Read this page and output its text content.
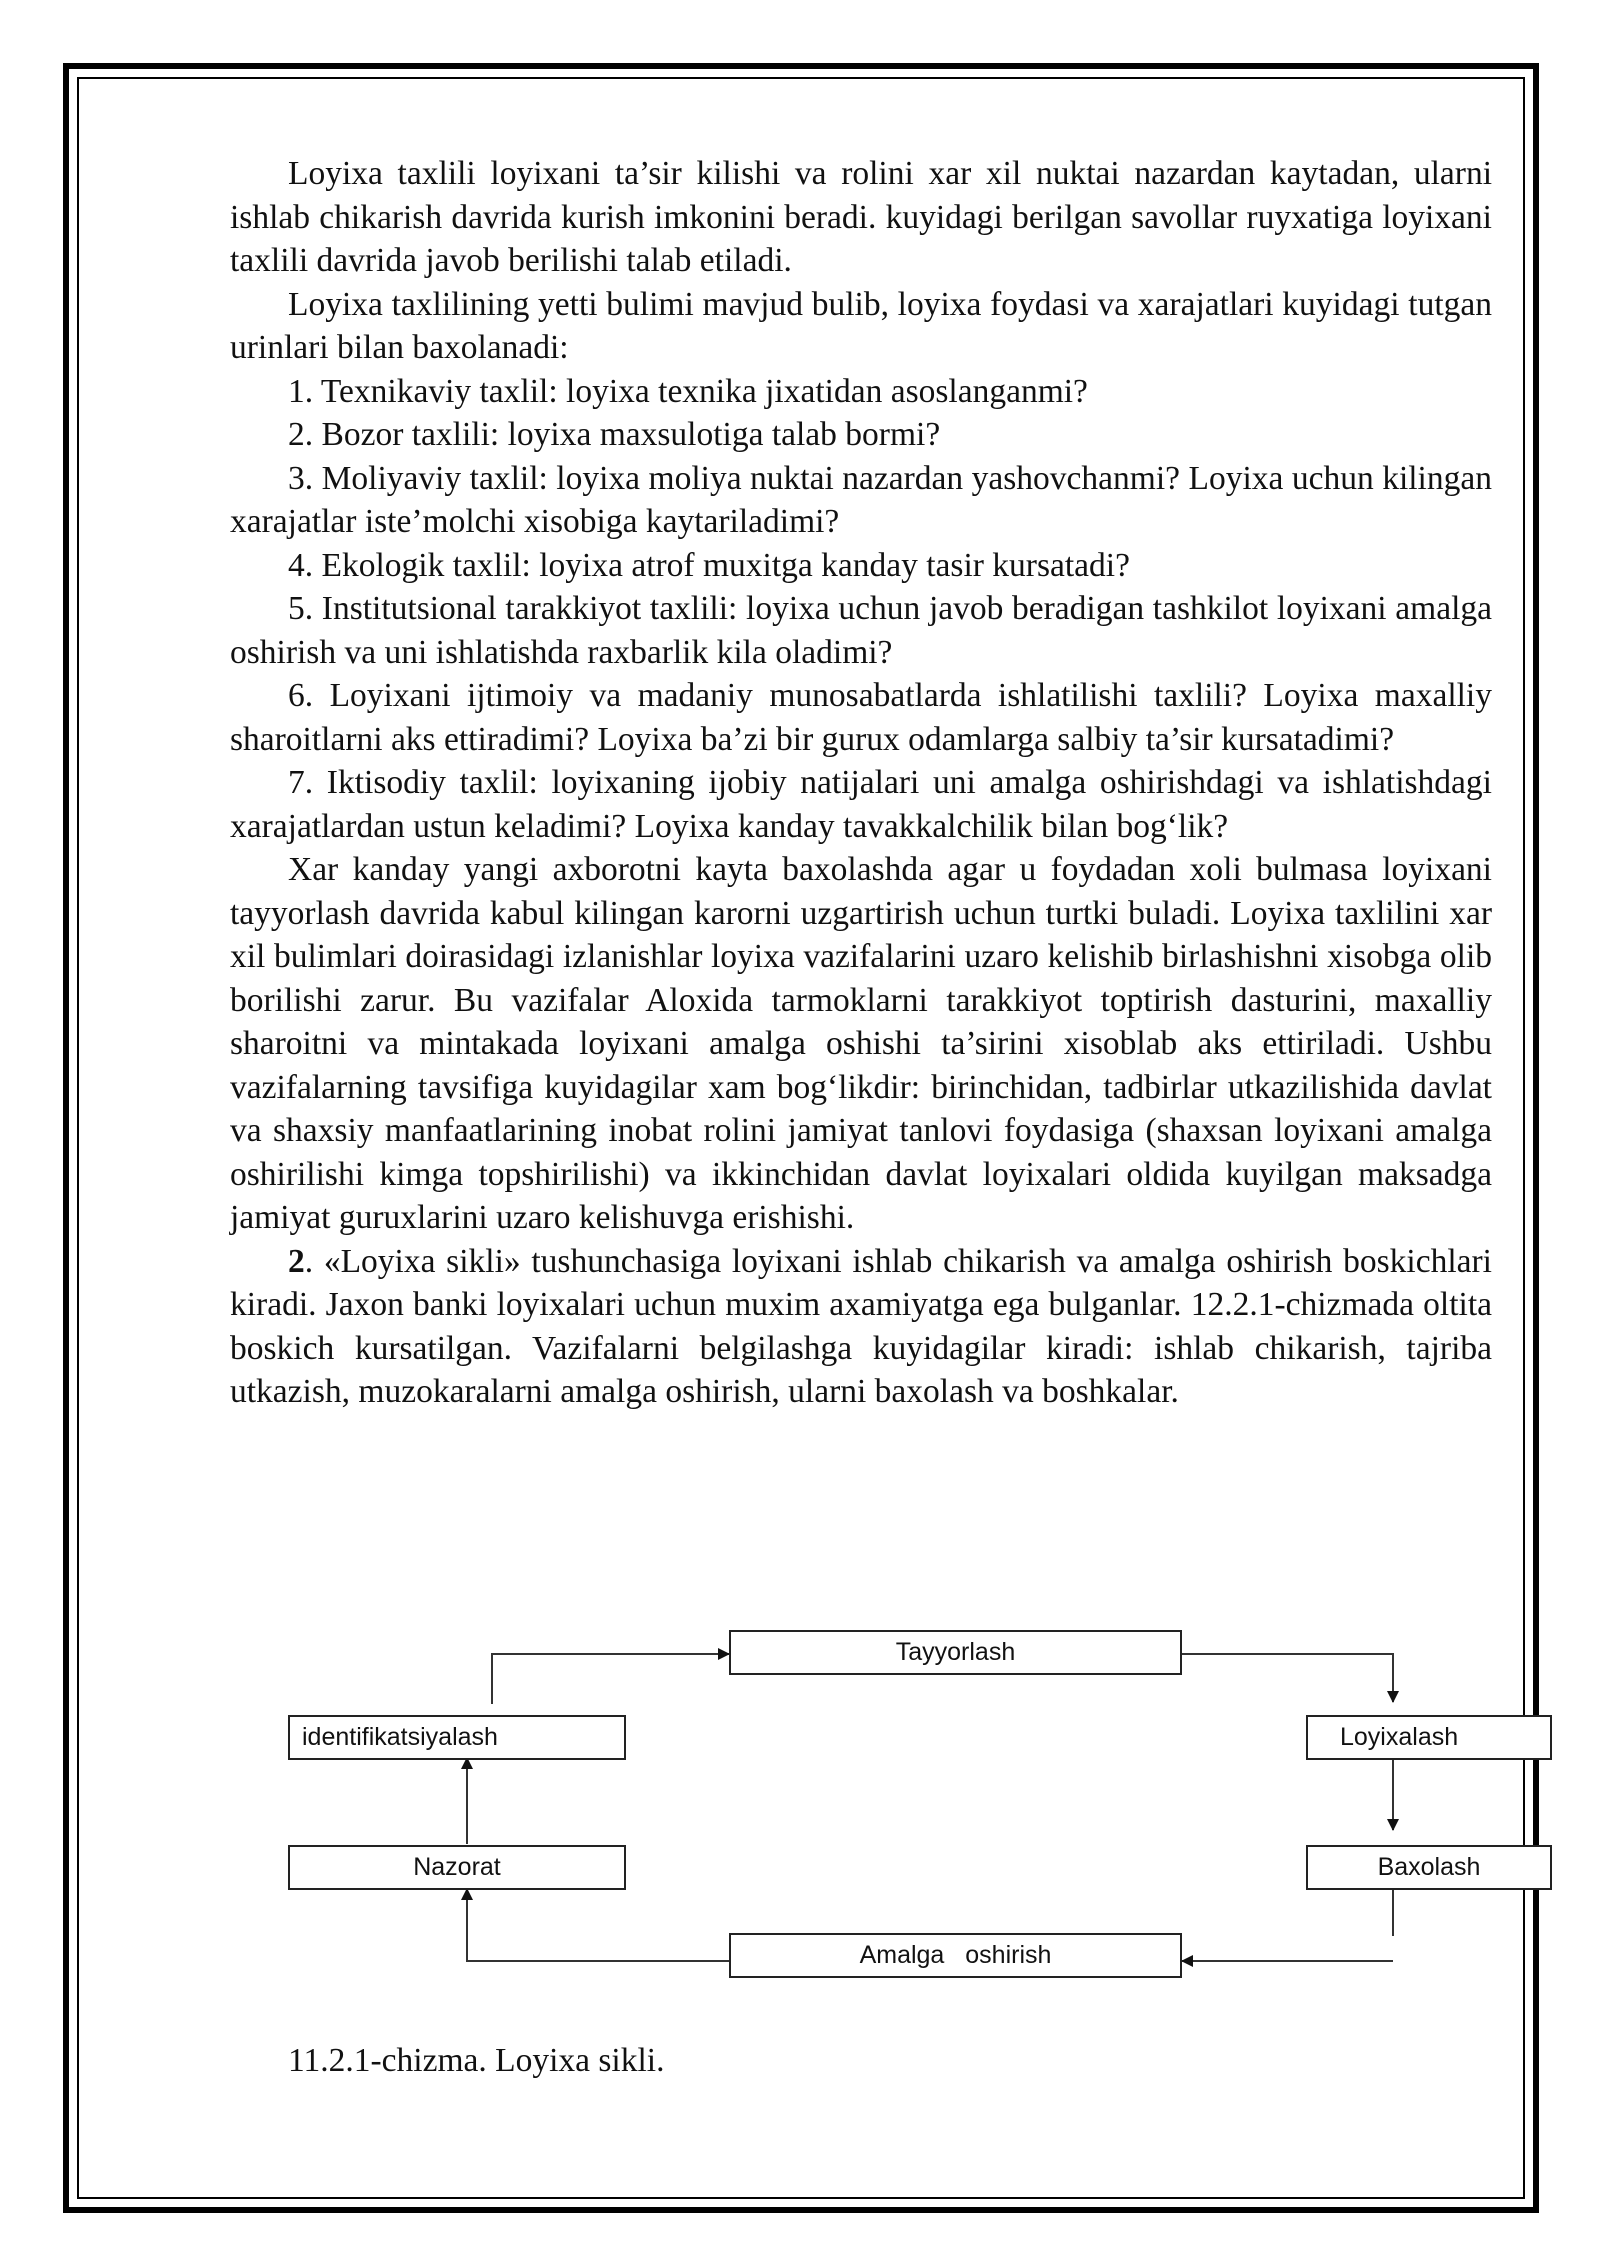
Loyixa taxlili loyixani ta’sir kilishi va rolini xar xil nuktai nazardan kaytadan, ularni ishlab chikarish davrida kurish imkonini beradi. kuyidagi berilgan savollar ruyxatiga loyixani taxlili davrida javob berilishi talab etiladi.

Loyixa taxlilining yetti bulimi mavjud bulib, loyixa foydasi va xarajatlari kuyidagi tutgan urinlari bilan baxolanadi:

1. Texnikaviy taxlil: loyixa texnika jixatidan asoslanganmi?

2. Bozor taxlili: loyixa maxsulotiga talab bormi?

3. Moliyaviy taxlil: loyixa moliya nuktai nazardan yashovchanmi? Loyixa uchun kilingan xarajatlar iste’molchi xisobiga kaytariladimi?

4. Ekologik taxlil: loyixa atrof muxitga kanday tasir kursatadi?

5. Institutsional tarakkiyot taxlili: loyixa uchun javob beradigan tashkilot loyixani amalga oshirish va uni ishlatishda raxbarlik kila oladimi?

6. Loyixani ijtimoiy va madaniy munosabatlarda ishlatilishi taxlili? Loyixa maxalliy sharoitlarni aks ettiradimi? Loyixa ba’zi bir gurux odamlarga salbiy ta’sir kursatadimi?

7. Iktisodiy taxlil: loyixaning ijobiy natijalari uni amalga oshirishdagi va ishlatishdagi xarajatlardan ustun keladimi? Loyixa kanday tavakkalchilik bilan bog‘lik?

Xar kanday yangi axborotni kayta baxolashda agar u foydadan xoli bulmasa loyixani tayyorlash davrida kabul kilingan karorni uzgartirish uchun turtki buladi. Loyixa taxlilini xar xil bulimlari doirasidagi izlanishlar loyixa vazifalarini uzaro kelishib birlashishni xisobga olib borilishi zarur. Bu vazifalar Aloxida tarmoklarni tarakkiyot toptirish dasturini, maxalliy sharoitni va mintakada loyixani amalga oshishi ta’sirini xisoblab aks ettiriladi. Ushbu vazifalarning tavsifiga kuyidagilar xam bog‘likdir: birinchidan, tadbirlar utkazilishida davlat va shaxsiy manfaatlarining inobat rolini jamiyat tanlovi foydasiga (shaxsan loyixani amalga oshirilishi kimga topshirilishi) va ikkinchidan davlat loyixalari oldida kuyilgan maksadga jamiyat guruxlarini uzaro kelishuvga erishishi.

2. «Loyixa sikli» tushunchasiga loyixani ishlab chikarish va amalga oshirish boskichlari kiradi. Jaxon banki loyixalari uchun muxim axamiyatga ega bulganlar. 12.2.1-chizmada oltita boskich kursatilgan. Vazifalarni belgilashga kuyidagilar kiradi: ishlab chikarish, tajriba utkazish, muzokaralarni amalga oshirish, ularni baxolash va boshkalar.

Tayyorlash
identifikatsiyalash	Loyixalash
Nazorat	Baxolash
Amalga oshirish
11.2.1-chizma. Loyixa sikli.
